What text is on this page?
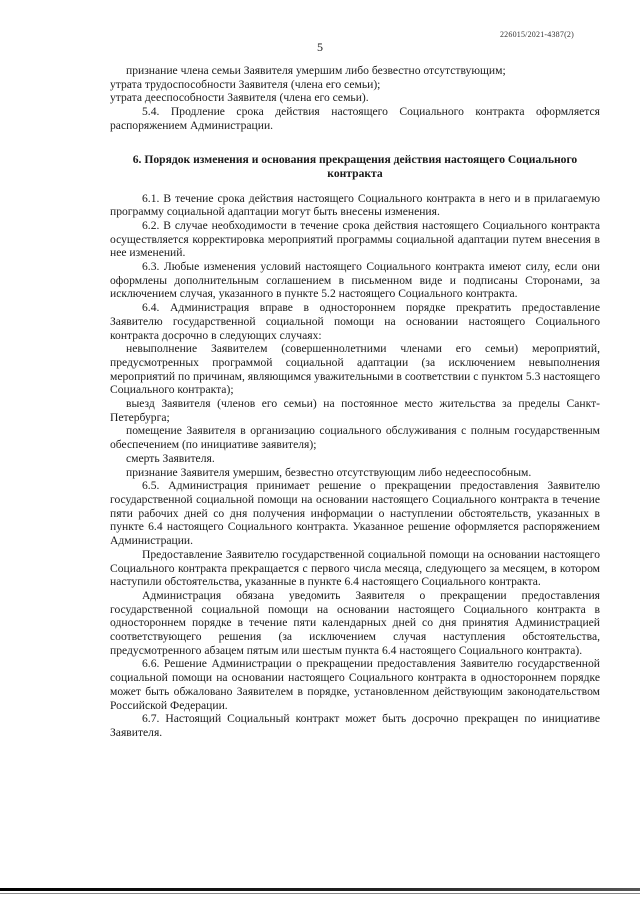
226015/2021-4387(2)
5

признание члена семьи Заявителя умершим либо безвестно отсутствующим;

утрата трудоспособности Заявителя (члена его семьи);

утрата дееспособности Заявителя (члена его семьи).

5.4. Продление срока действия настоящего Социального контракта оформляется распоряжением Администрации.

6. Порядок изменения и основания прекращения действия настоящего Социального контракта

6.1. В течение срока действия настоящего Социального контракта в него и в прилагаемую программу социальной адаптации могут быть внесены изменения.

6.2. В случае необходимости в течение срока действия настоящего Социального контракта осуществляется корректировка мероприятий программы социальной адаптации путем внесения в нее изменений.

6.3. Любые изменения условий настоящего Социального контракта имеют силу, если они оформлены дополнительным соглашением в письменном виде и подписаны Сторонами, за исключением случая, указанного в пункте 5.2 настоящего Социального контракта.

6.4. Администрация вправе в одностороннем порядке прекратить предоставление Заявителю государственной социальной помощи на основании настоящего Социального контракта досрочно в следующих случаях:

невыполнение Заявителем (совершеннолетними членами его семьи) мероприятий, предусмотренных программой социальной адаптации (за исключением невыполнения мероприятий по причинам, являющимся уважительными в соответствии с пунктом 5.3 настоящего Социального контракта);

выезд Заявителя (членов его семьи) на постоянное место жительства за пределы Санкт-Петербурга;

помещение Заявителя в организацию социального обслуживания с полным государственным обеспечением (по инициативе заявителя);

смерть Заявителя.

признание Заявителя умершим, безвестно отсутствующим либо недееспособным.

6.5. Администрация принимает решение о прекращении предоставления Заявителю государственной социальной помощи на основании настоящего Социального контракта в течение пяти рабочих дней со дня получения информации о наступлении обстоятельств, указанных в пункте 6.4 настоящего Социального контракта. Указанное решение оформляется распоряжением Администрации.

Предоставление Заявителю государственной социальной помощи на основании настоящего Социального контракта прекращается с первого числа месяца, следующего за месяцем, в котором наступили обстоятельства, указанные в пункте 6.4 настоящего Социального контракта.

Администрация обязана уведомить Заявителя о прекращении предоставления государственной социальной помощи на основании настоящего Социального контракта в одностороннем порядке в течение пяти календарных дней со дня принятия Администрацией соответствующего решения (за исключением случая наступления обстоятельства, предусмотренного абзацем пятым или шестым пункта 6.4 настоящего Социального контракта).

6.6. Решение Администрации о прекращении предоставления Заявителю государственной социальной помощи на основании настоящего Социального контракта в одностороннем порядке может быть обжаловано Заявителем в порядке, установленном действующим законодательством Российской Федерации.

6.7. Настоящий Социальный контракт может быть досрочно прекращен по инициативе Заявителя.
